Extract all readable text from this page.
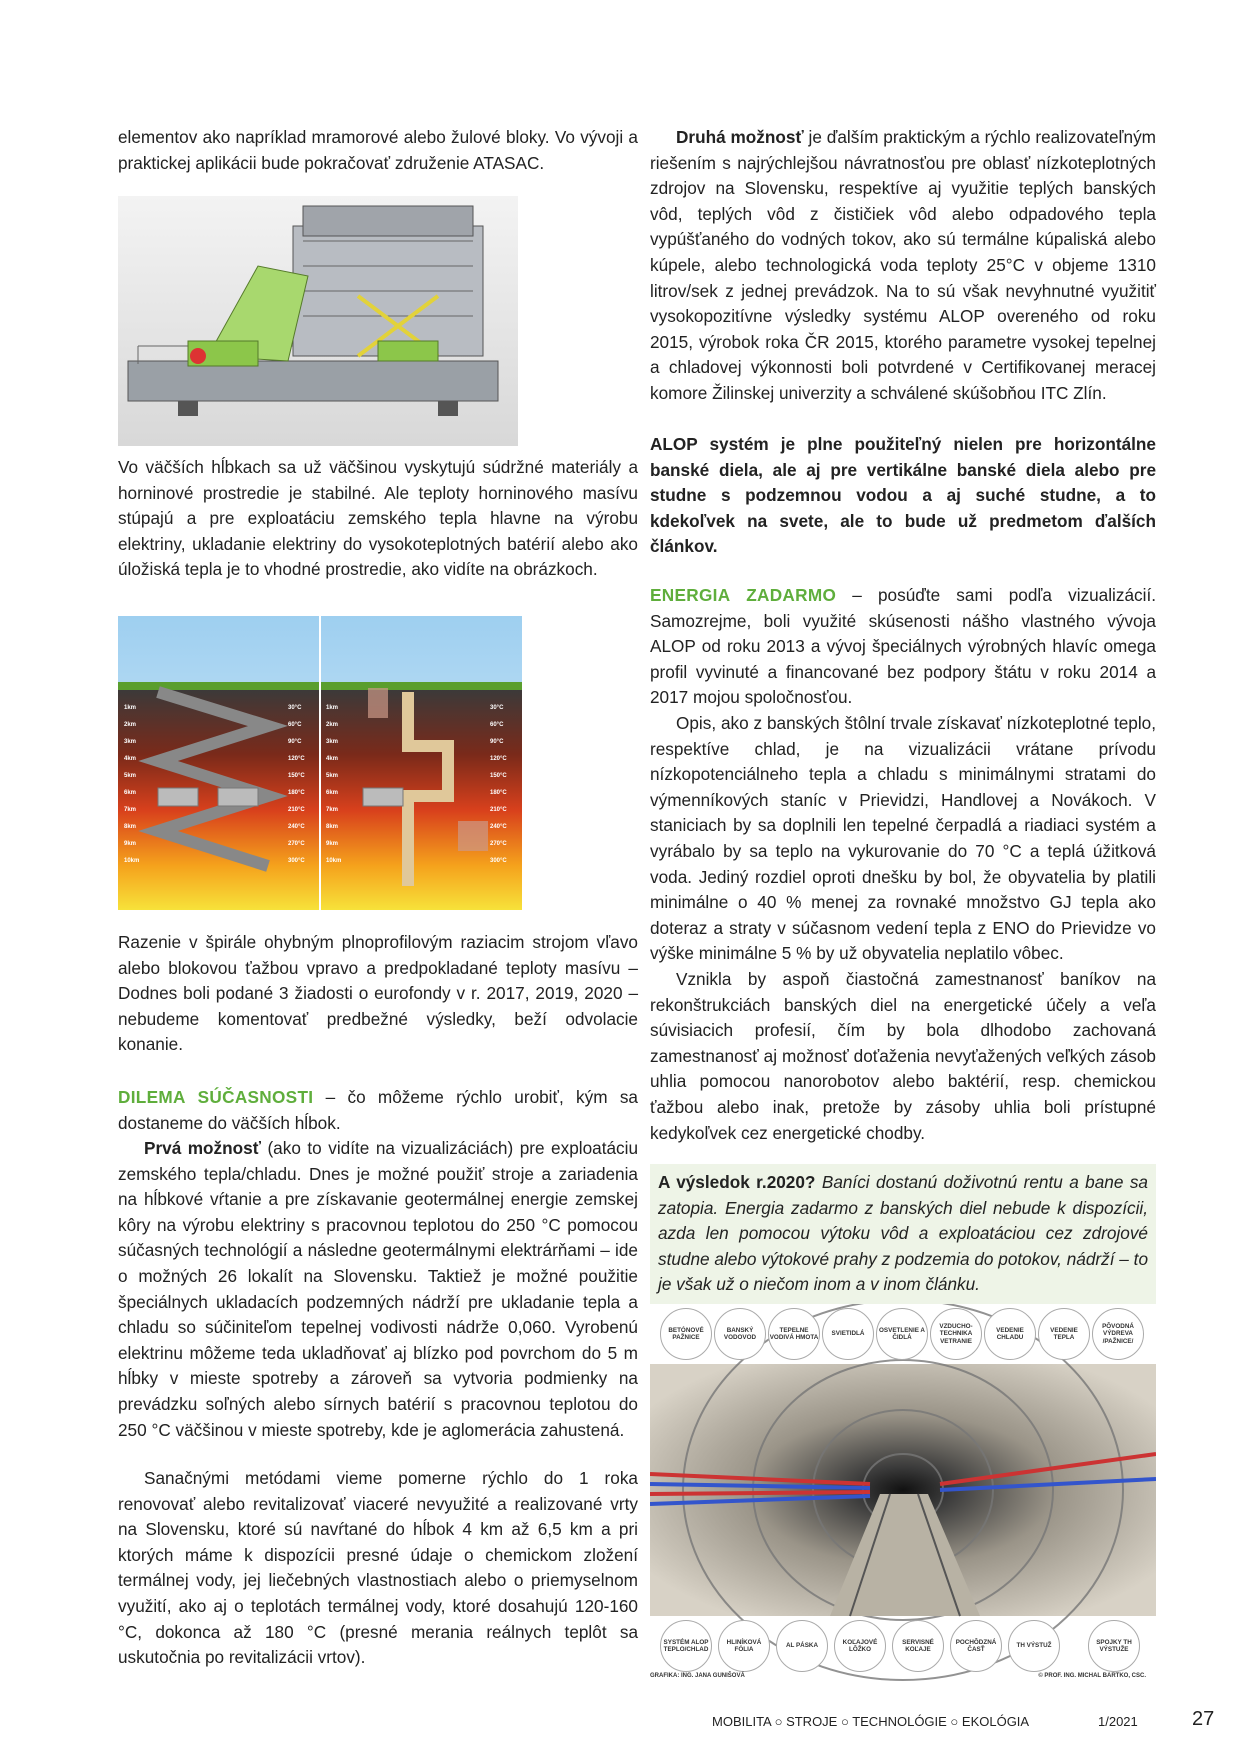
elementov ako napríklad mramorové alebo žulové bloky. Vo vývoji a praktickej aplikácii bude pokračovať združenie ATASAC.

Vo väčších hĺbkach sa už väčšinou vyskytujú súdržné materiály a horninové prostredie je stabilné. Ale teploty horninového masívu stúpajú a pre exploatáciu zemského tepla hlavne na výrobu elektriny, ukladanie elektriny do vysokoteplotných batérií alebo ako úložiská tepla je to vhodné prostredie, ako vidíte na obrázkoch.

1km
2km
3km
4km
5km
6km
7km
8km
9km
10km
30°C
60°C
90°C
120°C
150°C
180°C
210°C
240°C
270°C
300°C
1km
2km
3km
4km
5km
6km
7km
8km
9km
10km
30°C
60°C
90°C
120°C
150°C
180°C
210°C
240°C
270°C
300°C

Razenie v špirále ohybným plnoprofilovým raziacim strojom vľavo alebo blokovou ťažbou vpravo a predpokladané teploty masívu – Dodnes boli podané 3 žiadosti o eurofondy v r. 2017, 2019, 2020 – nebudeme komentovať predbežné výsledky, beží odvolacie konanie.

DILEMA SÚČASNOSTI – čo môžeme rýchlo urobiť, kým sa dostaneme do väčších hĺbok.

Prvá možnosť (ako to vidíte na vizualizáciách) pre exploatáciu zemského tepla/chladu. Dnes je možné použiť stroje a zariadenia na hĺbkové vŕtanie a pre získavanie geotermálnej energie zemskej kôry na výrobu elektriny s pracovnou teplotou do 250 °C pomocou súčasných technológií a následne geotermálnymi elektrárňami – ide o možných 26 lokalít na Slovensku. Taktiež je možné použitie špeciálnych ukladacích podzemných nádrží pre ukladanie tepla a chladu so súčiniteľom tepelnej vodivosti nádrže 0,060. Vyrobenú elektrinu môžeme teda ukladňovať aj blízko pod povrchom do 5 m hĺbky v mieste spotreby a zároveň sa vytvoria podmienky na prevádzku soľných alebo sírnych batérií s pracovnou teplotou do 250 °C väčšinou v mieste spotreby, kde je aglomerácia zahustená.

Sanačnými metódami vieme pomerne rýchlo do 1 roka renovovať alebo revitalizovať viaceré nevyužité a realizované vrty na Slovensku, ktoré sú navŕtané do hĺbok 4 km až 6,5 km a pri ktorých máme k dispozícii presné údaje o chemickom zložení termálnej vody, jej liečebných vlastnostiach alebo o priemyselnom využití, ako aj o teplotách termálnej vody, ktoré dosahujú 120-160 °C, dokonca až 180 °C (presné merania reálnych teplôt sa uskutočnia po revitalizácii vrtov).

Druhá možnosť je ďalším praktickým a rýchlo realizovateľným riešením s najrýchlejšou návratnosťou pre oblasť nízkoteplotných zdrojov na Slovensku, respektíve aj využitie teplých banských vôd, teplých vôd z čističiek vôd alebo odpadového tepla vypúšťaného do vodných tokov, ako sú termálne kúpaliská alebo kúpele, alebo technologická voda teploty 25°C v objeme 1310 litrov/sek z jednej prevádzok. Na to sú však nevyhnutné využitiť vysokopozitívne výsledky systému ALOP overeného od roku 2015, výrobok roka ČR 2015, ktorého parametre vysokej tepelnej a chladovej výkonnosti boli potvrdené v Certifikovanej meracej komore Žilinskej univerzity a schválené skúšobňou ITC Zlín.

ALOP systém je plne použiteľný nielen pre horizontálne banské diela, ale aj pre vertikálne banské diela alebo pre studne s podzemnou vodou a aj suché studne, a to kdekoľvek na svete, ale to bude už predmetom ďalších článkov.

ENERGIA ZADARMO – posúďte sami podľa vizualizácií. Samozrejme, boli využité skúsenosti nášho vlastného vývoja ALOP od roku 2013 a vývoj špeciálnych výrobných hlavíc omega profil vyvinuté a financované bez podpory štátu v roku 2014 a 2017 mojou spoločnosťou.

Opis, ako z banských štôlní trvale získavať nízkoteplotné teplo, respektíve chlad, je na vizualizácii vrátane prívodu nízkopotenciálneho tepla a chladu s minimálnymi stratami do výmenníkových staníc v Prievidzi, Handlovej a Novákoch. V staniciach by sa doplnili len tepelné čerpadlá a riadiaci systém a vyrábalo by sa teplo na vykurovanie do 70 °C a teplá úžitková voda. Jediný rozdiel oproti dnešku by bol, že obyvatelia by platili minimálne o 40 % menej za rovnaké množstvo GJ tepla ako doteraz a straty v súčasnom vedení tepla z ENO do Prievidze vo výške minimálne 5 % by už obyvatelia neplatilo vôbec.

Vznikla by aspoň čiastočná zamestnanosť baníkov na rekonštrukciách banských diel na energetické účely a veľa súvisiacich profesií, čím by bola dlhodobo zachovaná zamestnanosť aj možnosť doťaženia nevyťažených veľkých zásob uhlia pomocou nanorobotov alebo baktérií, resp. chemickou ťažbou alebo inak, pretože by zásoby uhlia boli prístupné kedykoľvek cez energetické chodby.

A výsledok r.2020? Baníci dostanú doživotnú rentu a bane sa zatopia. Energia zadarmo z banských diel nebude k dispozícii, azda len pomocou výtoku vôd a exploatáciou cez zdrojové studne alebo výtokové prahy z podzemia do potokov, nádrží – to je však už o niečom inom a v inom článku.
BETÓNOVÉ PAŽNICE
BANSKÝ VODOVOD
TEPELNE VODIVÁ HMOTA
SVIETIDLÁ
OSVETLENIE A ČIDLÁ
VZDUCHO-TECHNIKA VETRANIE
VEDENIE CHLADU
VEDENIE TEPLA
PÔVODNÁ VÝDREVA /PAŽNICE/
SYSTÉM ALOP TEPLO/CHLAD
HLINÍKOVÁ FÓLIA
AL PÁSKA
KOĽAJOVÉ LÔŽKO
SERVISNÉ KOĽAJE
POCHÔDZNÁ ČASŤ
TH VÝSTUŽ
SPOJKY TH VÝSTUŽE
GRAFIKA: ING. JANA GUNIŠOVÁ	© PROF. ING. MICHAL BARTKO, CSC.
MOBILITA ○ STROJE ○ TECHNOLÓGIE ○ EKOLÓGIA	1/2021	27
